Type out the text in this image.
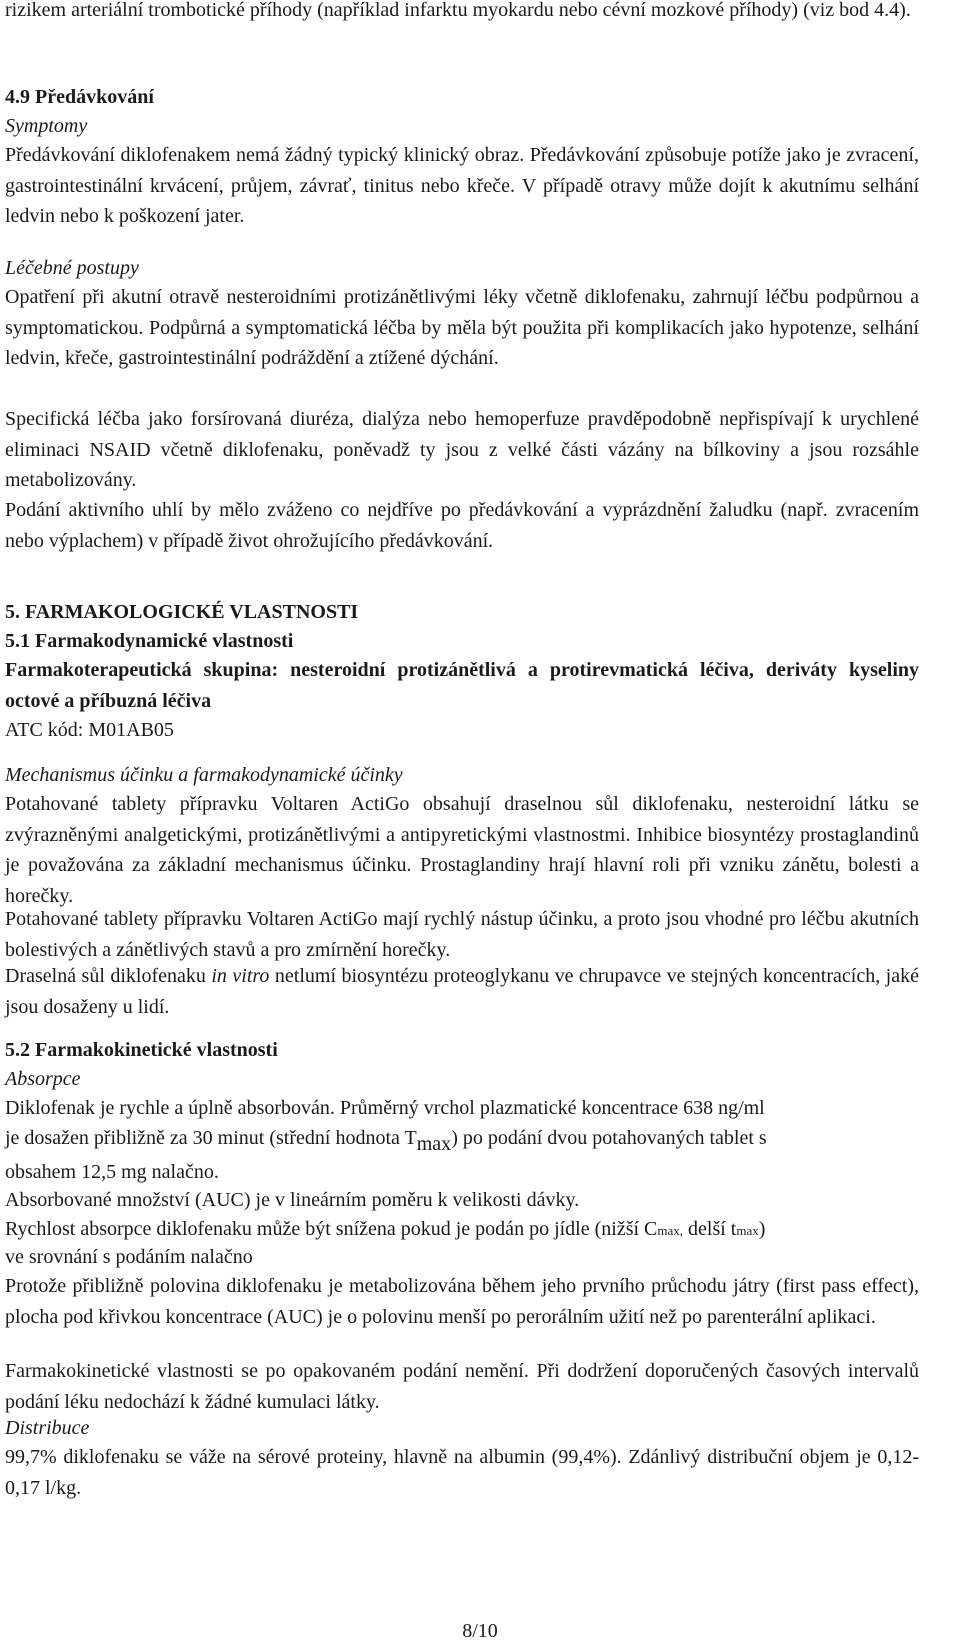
rizikem arteriální trombotické příhody (například infarktu myokardu nebo cévní mozkové příhody) (viz bod 4.4).

4.9 Předávkování
Symptomy

Předávkování diklofenakem nemá žádný typický klinický obraz. Předávkování způsobuje potíže jako je zvracení, gastrointestinální krvácení, průjem, závrať, tinitus nebo křeče. V případě otravy může dojít k akutnímu selhání ledvin nebo k poškození jater.

Léčebné postupy

Opatření při akutní otravě nesteroidními protizánětlivými léky včetně diklofenaku, zahrnují léčbu podpůrnou a symptomatickou. Podpůrná a symptomatická léčba by měla být použita při komplikacích jako hypotenze, selhání ledvin, křeče, gastrointestinální podráždění a ztížené dýchání.

Specifická léčba jako forsírovaná diuréza, dialýza nebo hemoperfuze pravděpodobně nepřispívají k urychlené eliminaci NSAID včetně diklofenaku, poněvadž ty jsou z velké části vázány na bílkoviny a jsou rozsáhle metabolizovány.

Podání aktivního uhlí by mělo zváženo co nejdříve po předávkování a vyprázdnění žaludku (např. zvracením nebo výplachem) v případě život ohrožujícího předávkování.

5. FARMAKOLOGICKÉ VLASTNOSTI
5.1 Farmakodynamické vlastnosti

Farmakoterapeutická skupina: nesteroidní protizánětlivá a protirevmatická léčiva, deriváty kyseliny octové a příbuzná léčiva

ATC kód: M01AB05
Mechanismus účinku a farmakodynamické účinky

Potahované tablety přípravku Voltaren ActiGo obsahují draselnou sůl diklofenaku, nesteroidní látku se zvýrazněnými analgetickými, protizánětlivými a antipyretickými vlastnostmi. Inhibice biosyntézy prostaglandinů je považována za základní mechanismus účinku. Prostaglandiny hrají hlavní roli při vzniku zánětu, bolesti a horečky.

Potahované tablety přípravku Voltaren ActiGo mají rychlý nástup účinku, a proto jsou vhodné pro léčbu akutních bolestivých a zánětlivých stavů a pro zmírnění horečky.

Draselná sůl diklofenaku in vitro netlumí biosyntézu proteoglykanu ve chrupavce ve stejných koncentracích, jaké jsou dosaženy u lidí.

5.2 Farmakokinetické vlastnosti
Absorpce
Diklofenak je rychle a úplně absorbován. Průměrný vrchol plazmatické koncentrace 638 ng/ml
je dosažen přibližně za 30 minut (střední hodnota Tmax) po podání dvou potahovaných tablet s
obsahem 12,5 mg nalačno.
Absorbované množství (AUC) je v lineárním poměru k velikosti dávky.
Rychlost absorpce diklofenaku může být snížena pokud je podán po jídle (nižší Cmax, delší tmax)
ve srovnání s podáním nalačno

Protože přibližně polovina diklofenaku je metabolizována během jeho prvního průchodu játry (first pass effect), plocha pod křivkou koncentrace (AUC) je o polovinu menší po perorálním užití než po parenterální aplikaci.

Farmakokinetické vlastnosti se po opakovaném podání nemění. Při dodržení doporučených časových intervalů podání léku nedochází k žádné kumulaci látky.

Distribuce

99,7% diklofenaku se váže na sérové proteiny, hlavně na albumin (99,4%). Zdánlivý distribuční objem je 0,12-0,17 l/kg.

8/10
